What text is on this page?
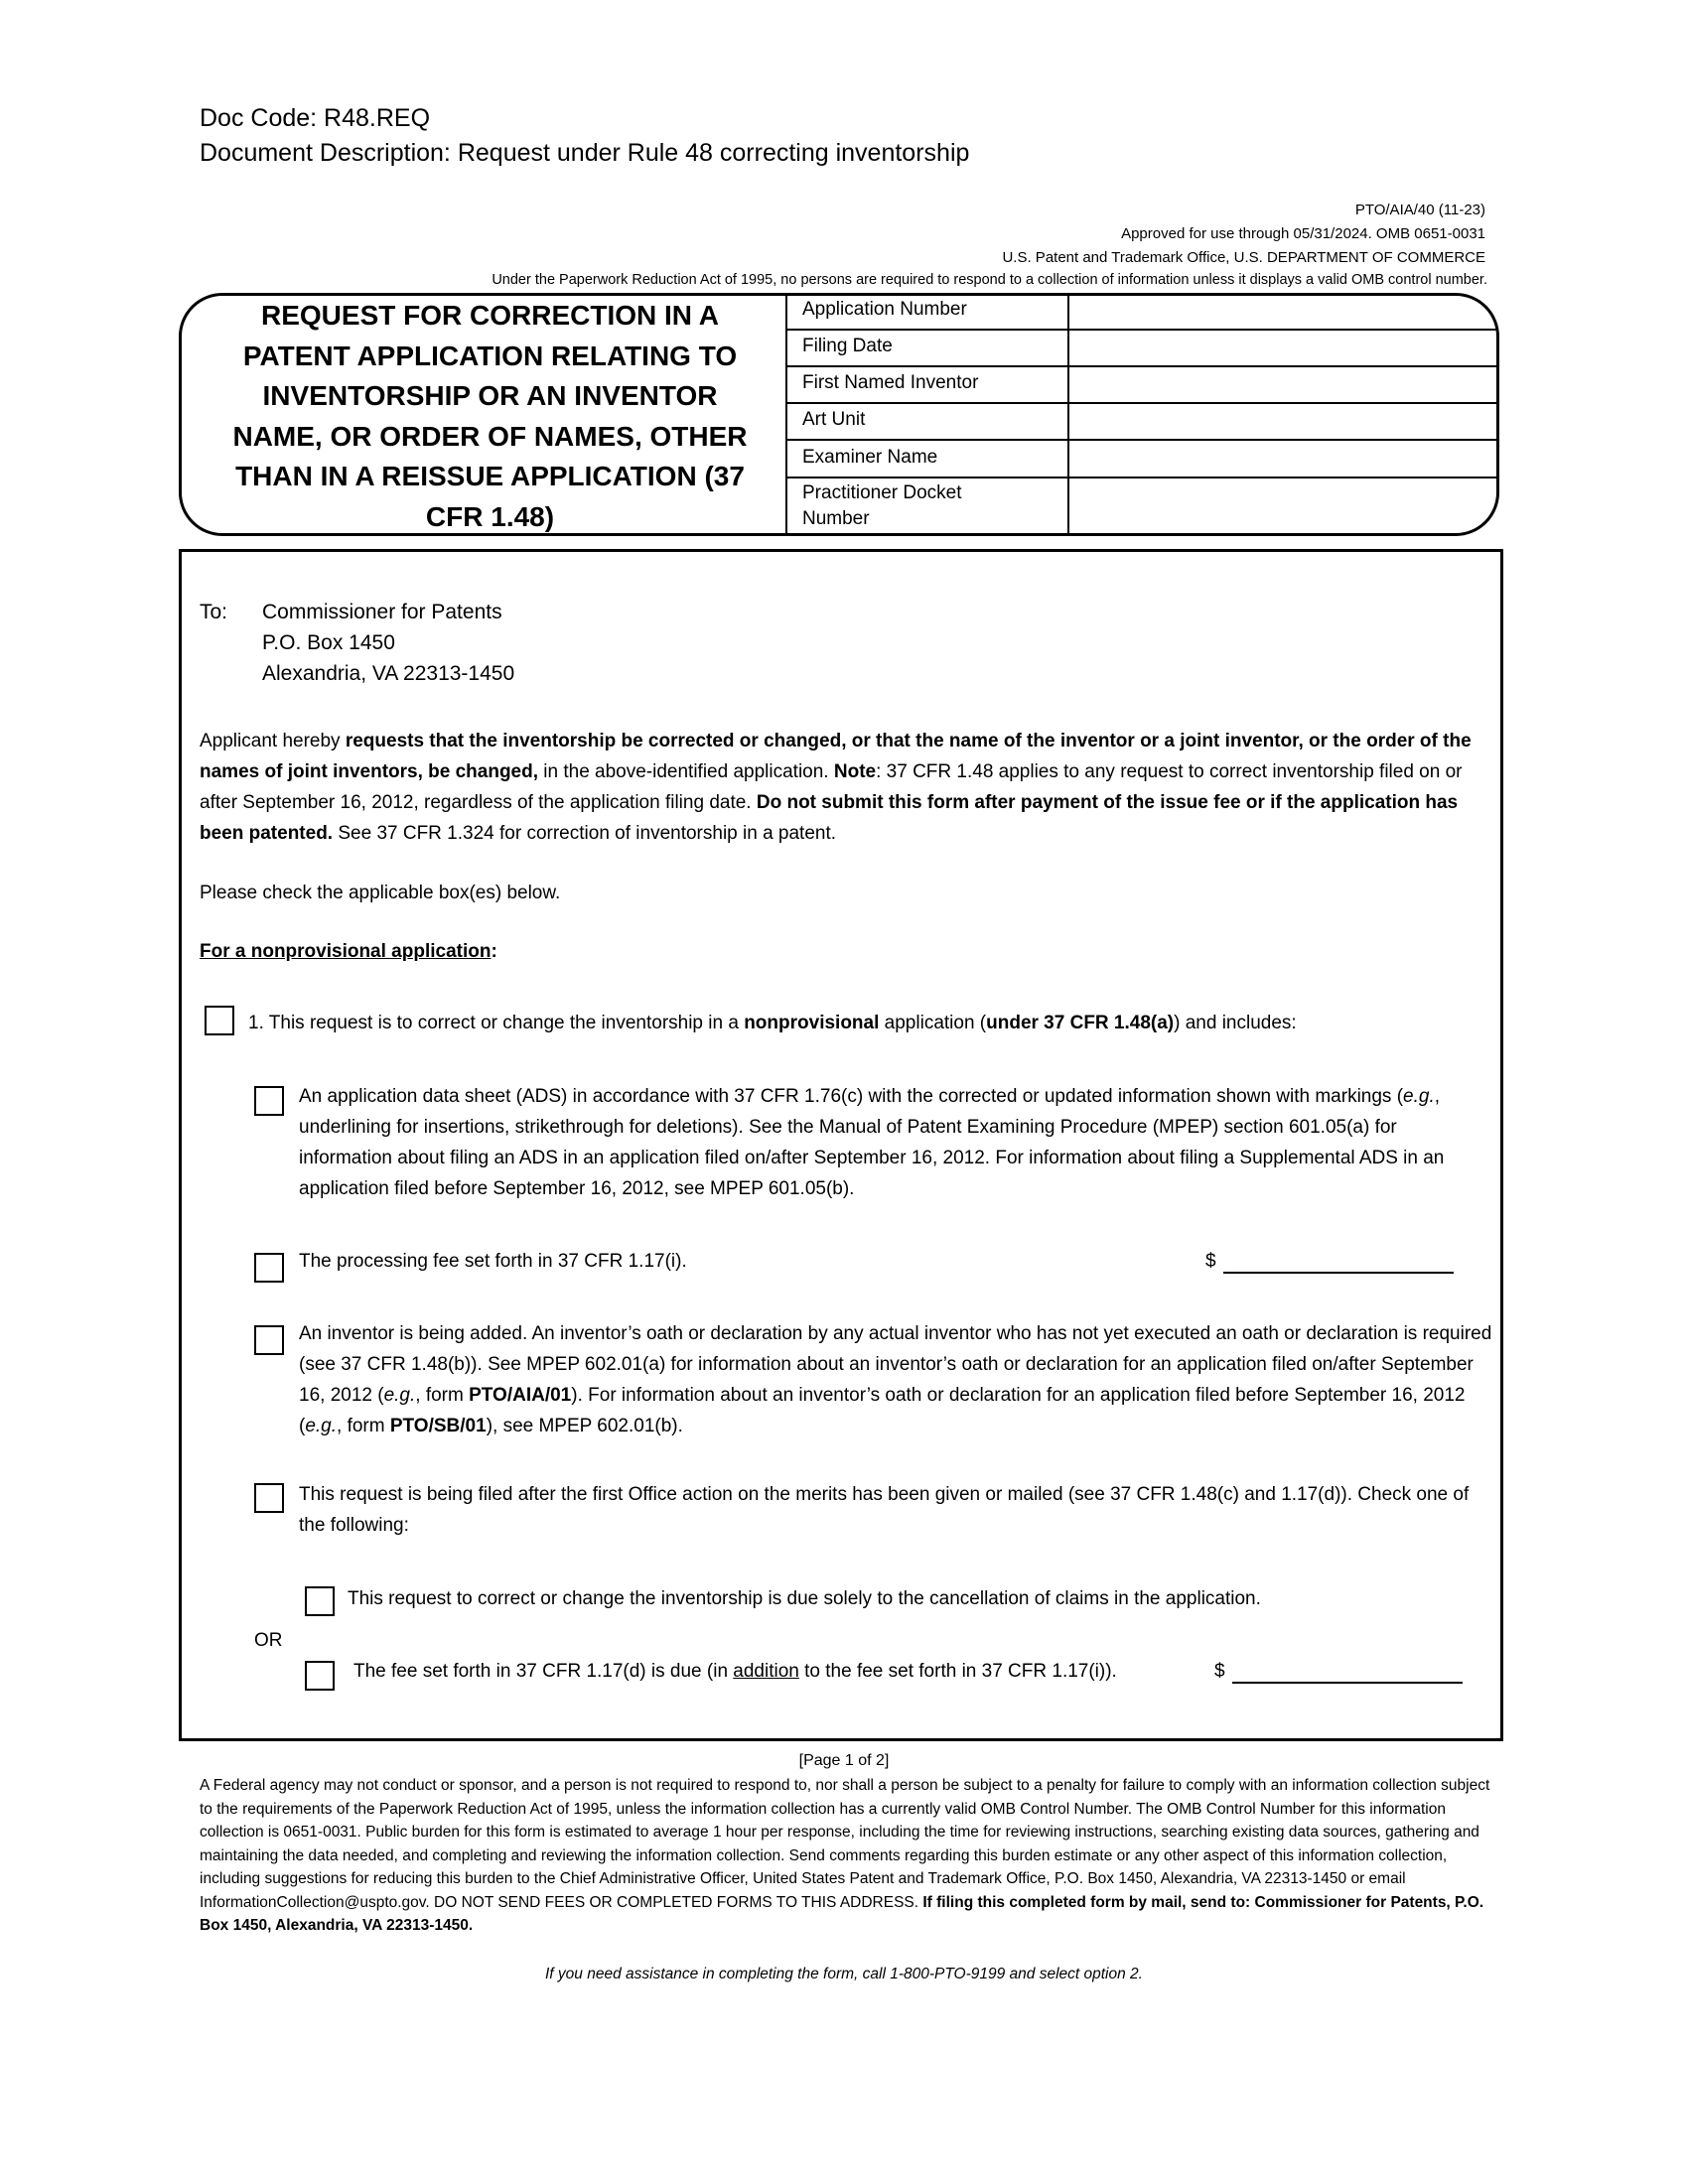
Doc Code: R48.REQ
Document Description: Request under Rule 48 correcting inventorship
PTO/AIA/40 (11-23)
Approved for use through 05/31/2024. OMB 0651-0031
U.S. Patent and Trademark Office, U.S. DEPARTMENT OF COMMERCE
Under the Paperwork Reduction Act of 1995, no persons are required to respond to a collection of information unless it displays a valid OMB control number.
REQUEST FOR CORRECTION IN A PATENT APPLICATION RELATING TO INVENTORSHIP OR AN INVENTOR NAME, OR ORDER OF NAMES, OTHER THAN IN A REISSUE APPLICATION (37 CFR 1.48)
Application Number
Filing Date
First Named Inventor
Art Unit
Examiner Name
Practitioner Docket Number
To: Commissioner for Patents
P.O. Box 1450
Alexandria, VA 22313-1450
Applicant hereby requests that the inventorship be corrected or changed, or that the name of the inventor or a joint inventor, or the order of the names of joint inventors, be changed, in the above-identified application. Note: 37 CFR 1.48 applies to any request to correct inventorship filed on or after September 16, 2012, regardless of the application filing date. Do not submit this form after payment of the issue fee or if the application has been patented. See 37 CFR 1.324 for correction of inventorship in a patent.
Please check the applicable box(es) below.
For a nonprovisional application:
1. This request is to correct or change the inventorship in a nonprovisional application (under 37 CFR 1.48(a)) and includes:
An application data sheet (ADS) in accordance with 37 CFR 1.76(c) with the corrected or updated information shown with markings (e.g., underlining for insertions, strikethrough for deletions). See the Manual of Patent Examining Procedure (MPEP) section 601.05(a) for information about filing an ADS in an application filed on/after September 16, 2012. For information about filing a Supplemental ADS in an application filed before September 16, 2012, see MPEP 601.05(b).
The processing fee set forth in 37 CFR 1.17(i).	$
An inventor is being added. An inventor’s oath or declaration by any actual inventor who has not yet executed an oath or declaration is required (see 37 CFR 1.48(b)). See MPEP 602.01(a) for information about an inventor’s oath or declaration for an application filed on/after September 16, 2012 (e.g., form PTO/AIA/01). For information about an inventor’s oath or declaration for an application filed before September 16, 2012 (e.g., form PTO/SB/01), see MPEP 602.01(b).
This request is being filed after the first Office action on the merits has been given or mailed (see 37 CFR 1.48(c) and 1.17(d)). Check one of the following:
This request to correct or change the inventorship is due solely to the cancellation of claims in the application.
OR
The fee set forth in 37 CFR 1.17(d) is due (in addition to the fee set forth in 37 CFR 1.17(i)).	$
[Page 1 of 2]
A Federal agency may not conduct or sponsor, and a person is not required to respond to, nor shall a person be subject to a penalty for failure to comply with an information collection subject to the requirements of the Paperwork Reduction Act of 1995, unless the information collection has a currently valid OMB Control Number. The OMB Control Number for this information collection is 0651-0031. Public burden for this form is estimated to average 1 hour per response, including the time for reviewing instructions, searching existing data sources, gathering and maintaining the data needed, and completing and reviewing the information collection. Send comments regarding this burden estimate or any other aspect of this information collection, including suggestions for reducing this burden to the Chief Administrative Officer, United States Patent and Trademark Office, P.O. Box 1450, Alexandria, VA 22313-1450 or email InformationCollection@uspto.gov. DO NOT SEND FEES OR COMPLETED FORMS TO THIS ADDRESS. If filing this completed form by mail, send to: Commissioner for Patents, P.O. Box 1450, Alexandria, VA 22313-1450.
If you need assistance in completing the form, call 1-800-PTO-9199 and select option 2.
